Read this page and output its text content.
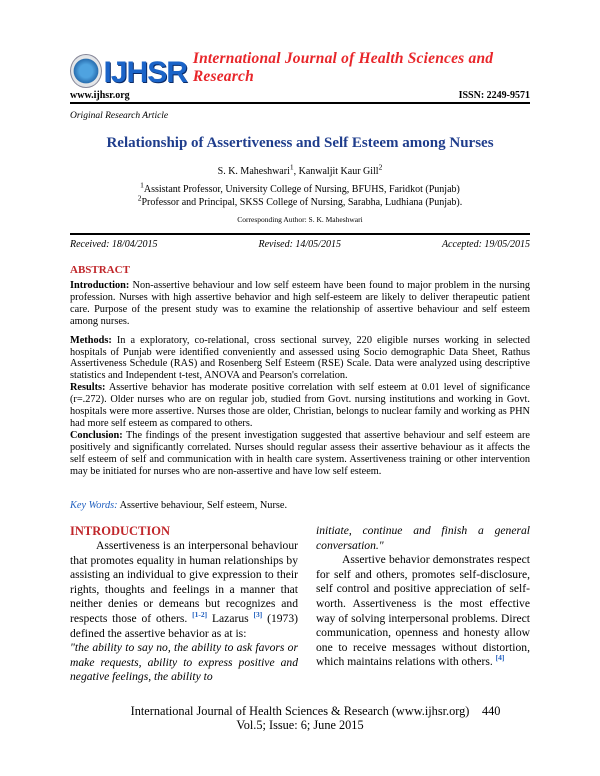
IJHSR International Journal of Health Sciences and Research
www.ijhsr.org	ISSN: 2249-9571
Original Research Article
Relationship of Assertiveness and Self Esteem among Nurses
S. K. Maheshwari$^1$, Kanwaljit Kaur Gill$^2$
$^1$Assistant Professor, University College of Nursing, BFUHS, Faridkot (Punjab)
$^2$Professor and Principal, SKSS College of Nursing, Sarabha, Ludhiana (Punjab).
Corresponding Author: S. K. Maheshwari
Received: 18/04/2015	Revised: 14/05/2015	Accepted: 19/05/2015
ABSTRACT

Introduction: Non-assertive behaviour and low self esteem have been found to major problem in the nursing profession. Nurses with high assertive behavior and high self-esteem are likely to deliver therapeutic patient care. Purpose of the present study was to examine the relationship of assertive behaviour and self esteem among nurses.

Methods: In a exploratory, co-relational, cross sectional survey, 220 eligible nurses working in selected hospitals of Punjab were identified conveniently and assessed using Socio demographic Data Sheet, Rathus Assertiveness Schedule (RAS) and Rosenberg Self Esteem (RSE) Scale. Data were analyzed using descriptive statistics and Independent t-test, ANOVA and Pearson's correlation.

Results: Assertive behavior has moderate positive correlation with self esteem at 0.01 level of significance (r=.272). Older nurses who are on regular job, studied from Govt. nursing institutions and working in Govt. hospitals were more assertive. Nurses those are older, Christian, belongs to nuclear family and working as PHN had more self esteem as compared to others.

Conclusion: The findings of the present investigation suggested that assertive behaviour and self esteem are positively and significantly correlated. Nurses should regular assess their assertive behaviour as it affects the self esteem of self and communication with in health care system. Assertiveness training or other intervention may be initiated for nurses who are non-assertive and have low self esteem.

Key Words: Assertive behaviour, Self esteem, Nurse.
INTRODUCTION

Assertiveness is an interpersonal behaviour that promotes equality in human relationships by assisting an individual to give expression to their rights, thoughts and feelings in a manner that neither denies or demeans but recognizes and respects those of others. [1-2] Lazarus [3] (1973) defined the assertive behavior as at is:

"the ability to say no, the ability to ask favors or make requests, ability to express positive and negative feelings, the ability to

initiate, continue and finish a general conversation."

Assertive behavior demonstrates respect for self and others, promotes self-disclosure, self control and positive appreciation of self-worth. Assertiveness is the most effective way of solving interpersonal problems. Direct communication, openness and honesty allow one to receive messages without distortion, which maintains relations with others. [4]

International Journal of Health Sciences & Research (www.ijhsr.org)
Vol.5; Issue: 6; June 2015
440
